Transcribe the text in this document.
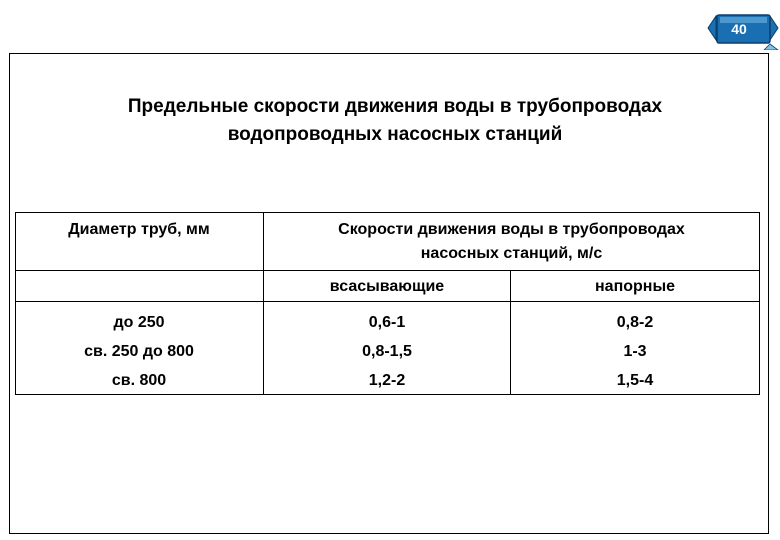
40
Предельные скорости движения воды в трубопроводах
водопроводных насосных станций
Диаметр труб, мм	Скорости движения воды в трубопроводах
насосных станций, м/с
всасывающие	напорные
до 250
св. 250 до 800
св. 800
0,6-1
0,8-1,5
1,2-2
0,8-2
1-3
1,5-4
